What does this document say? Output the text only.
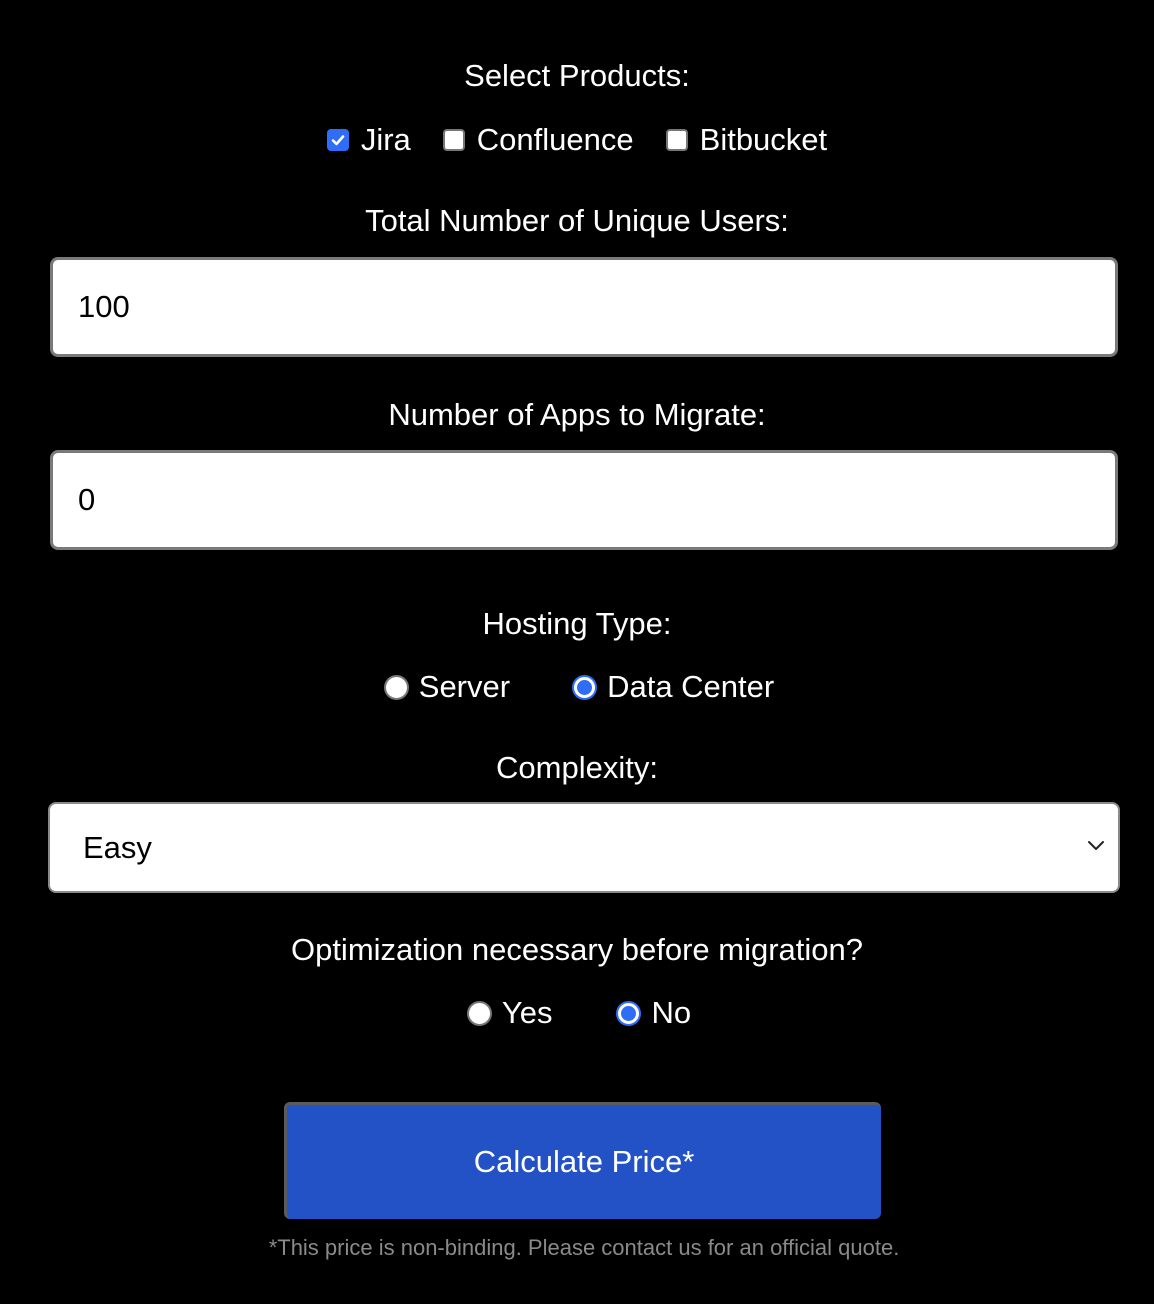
Select Products:
Jira Confluence Bitbucket
Total Number of Unique Users:
100
Number of Apps to Migrate:
0
Hosting Type:
Server	Data Center
Complexity:
Easy
Optimization necessary before migration?
Yes	No
Calculate Price*
*This price is non-binding. Please contact us for an official quote.
